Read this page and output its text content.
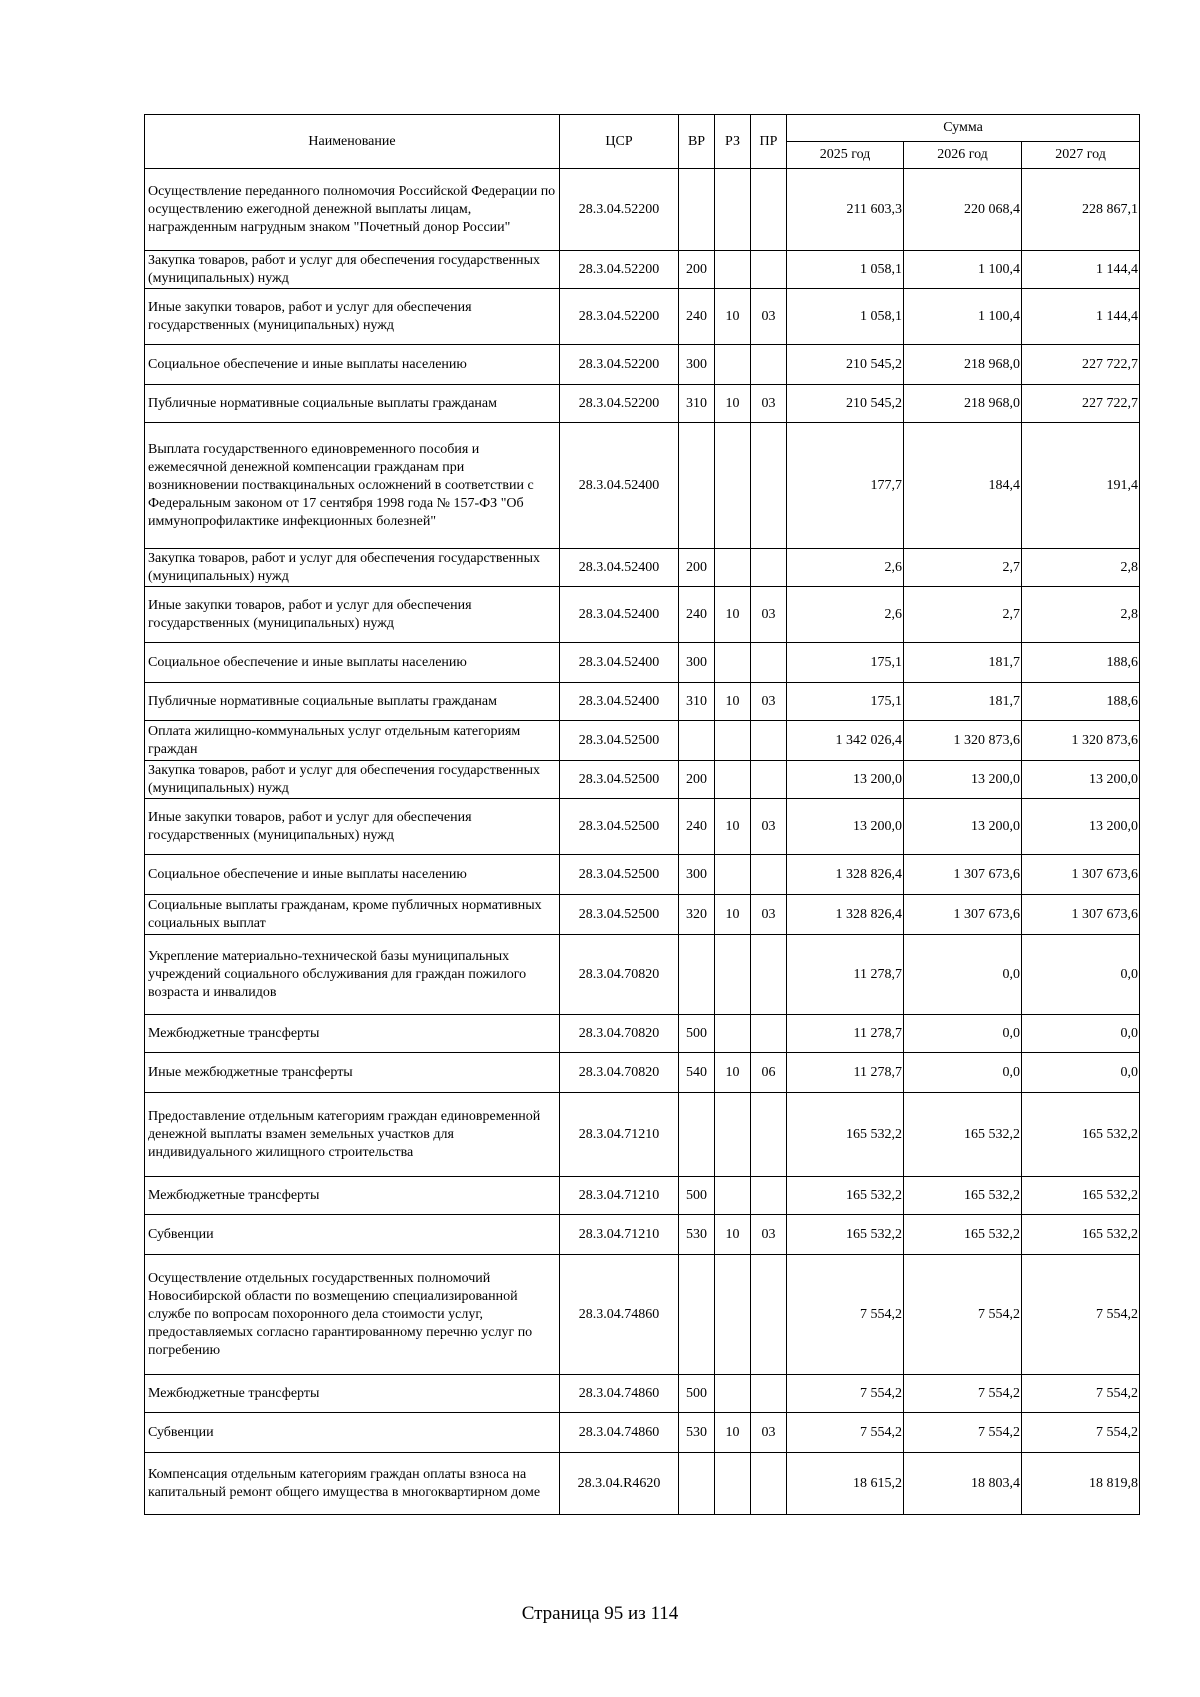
Наименование	ЦСР	ВР	РЗ	ПР	Сумма		
					2025 год	2026 год	2027 год
Осуществление переданного полномочия Российской Федерации по осуществлению ежегодной денежной выплаты лицам, награжденным нагрудным знаком "Почетный донор России"	28.3.04.52200				211 603,3	220 068,4	228 867,1
Закупка товаров, работ и услуг для обеспечения государственных (муниципальных) нужд	28.3.04.52200	200			1 058,1	1 100,4	1 144,4
Иные закупки товаров, работ и услуг для обеспечения государственных (муниципальных) нужд	28.3.04.52200	240	10	03	1 058,1	1 100,4	1 144,4
Социальное обеспечение и иные выплаты населению	28.3.04.52200	300			210 545,2	218 968,0	227 722,7
Публичные нормативные социальные выплаты гражданам	28.3.04.52200	310	10	03	210 545,2	218 968,0	227 722,7
Выплата государственного единовременного пособия и ежемесячной денежной компенсации гражданам при возникновении поствакцинальных осложнений в соответствии с Федеральным законом от 17 сентября 1998 года № 157-ФЗ "Об иммунопрофилактике инфекционных болезней"	28.3.04.52400				177,7	184,4	191,4
Закупка товаров, работ и услуг для обеспечения государственных (муниципальных) нужд	28.3.04.52400	200			2,6	2,7	2,8
Иные закупки товаров, работ и услуг для обеспечения государственных (муниципальных) нужд	28.3.04.52400	240	10	03	2,6	2,7	2,8
Социальное обеспечение и иные выплаты населению	28.3.04.52400	300			175,1	181,7	188,6
Публичные нормативные социальные выплаты гражданам	28.3.04.52400	310	10	03	175,1	181,7	188,6
Оплата жилищно-коммунальных услуг отдельным категориям граждан	28.3.04.52500				1 342 026,4	1 320 873,6	1 320 873,6
Закупка товаров, работ и услуг для обеспечения государственных (муниципальных) нужд	28.3.04.52500	200			13 200,0	13 200,0	13 200,0
Иные закупки товаров, работ и услуг для обеспечения государственных (муниципальных) нужд	28.3.04.52500	240	10	03	13 200,0	13 200,0	13 200,0
Социальное обеспечение и иные выплаты населению	28.3.04.52500	300			1 328 826,4	1 307 673,6	1 307 673,6
Социальные выплаты гражданам, кроме публичных нормативных социальных выплат	28.3.04.52500	320	10	03	1 328 826,4	1 307 673,6	1 307 673,6
Укрепление материально-технической базы муниципальных учреждений социального обслуживания для граждан пожилого возраста и инвалидов	28.3.04.70820				11 278,7	0,0	0,0
Межбюджетные трансферты	28.3.04.70820	500			11 278,7	0,0	0,0
Иные межбюджетные трансферты	28.3.04.70820	540	10	06	11 278,7	0,0	0,0
Предоставление отдельным категориям граждан единовременной денежной выплаты взамен земельных участков для индивидуального жилищного строительства	28.3.04.71210				165 532,2	165 532,2	165 532,2
Межбюджетные трансферты	28.3.04.71210	500			165 532,2	165 532,2	165 532,2
Субвенции	28.3.04.71210	530	10	03	165 532,2	165 532,2	165 532,2
Осуществление отдельных государственных полномочий Новосибирской области по возмещению специализированной службе по вопросам похоронного дела стоимости услуг, предоставляемых согласно гарантированному перечню услуг по погребению	28.3.04.74860				7 554,2	7 554,2	7 554,2
Межбюджетные трансферты	28.3.04.74860	500			7 554,2	7 554,2	7 554,2
Субвенции	28.3.04.74860	530	10	03	7 554,2	7 554,2	7 554,2
Компенсация отдельным категориям граждан оплаты взноса на капитальный ремонт общего имущества в многоквартирном доме	28.3.04.R4620				18 615,2	18 803,4	18 819,8
Страница 95 из 114
